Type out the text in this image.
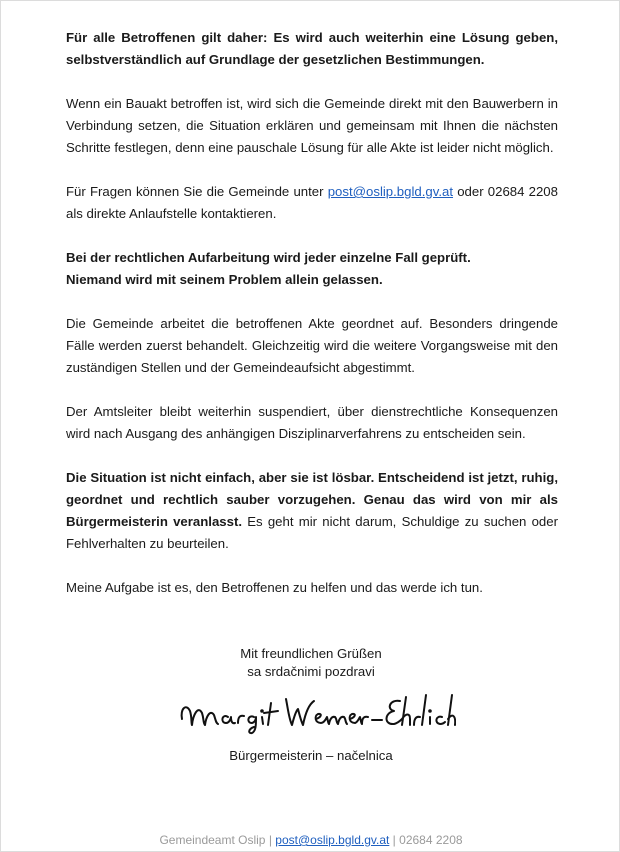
Für alle Betroffenen gilt daher: Es wird auch weiterhin eine Lösung geben, selbstverständlich auf Grundlage der gesetzlichen Bestimmungen.

Wenn ein Bauakt betroffen ist, wird sich die Gemeinde direkt mit den Bauwerbern in Verbindung setzen, die Situation erklären und gemeinsam mit Ihnen die nächsten Schritte festlegen, denn eine pauschale Lösung für alle Akte ist leider nicht möglich.

Für Fragen können Sie die Gemeinde unter post@oslip.bgld.gv.at oder 02684 2208 als direkte Anlaufstelle kontaktieren.

Bei der rechtlichen Aufarbeitung wird jeder einzelne Fall geprüft.

Niemand wird mit seinem Problem allein gelassen.

Die Gemeinde arbeitet die betroffenen Akte geordnet auf. Besonders dringende Fälle werden zuerst behandelt. Gleichzeitig wird die weitere Vorgangsweise mit den zuständigen Stellen und der Gemeindeaufsicht abgestimmt.

Der Amtsleiter bleibt weiterhin suspendiert, über dienstrechtliche Konsequenzen wird nach Ausgang des anhängigen Disziplinarverfahrens zu entscheiden sein.

Die Situation ist nicht einfach, aber sie ist lösbar. Entscheidend ist jetzt, ruhig, geordnet und rechtlich sauber vorzugehen. Genau das wird von mir als Bürgermeisterin veranlasst. Es geht mir nicht darum, Schuldige zu suchen oder Fehlverhalten zu beurteilen.

Meine Aufgabe ist es, den Betroffenen zu helfen und das werde ich tun.

Mit freundlichen Grüßen
sa srdačnimi pozdravi
Bürgermeisterin – načelnica
Gemeindeamt Oslip | post@oslip.bgld.gv.at | 02684 2208
